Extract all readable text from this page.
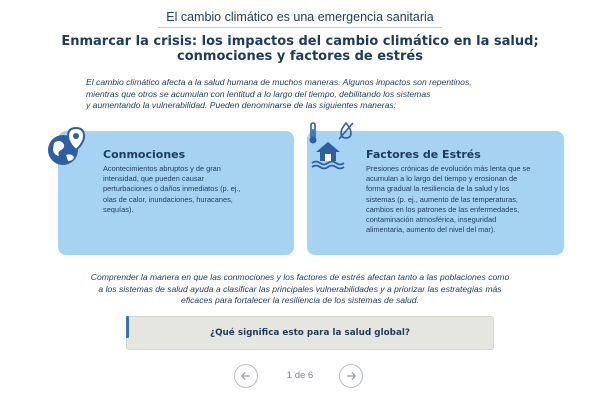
El cambio climático es una emergencia sanitaria
Enmarcar la crisis: los impactos del cambio climático en la salud;
conmociones y factores de estrés
El cambio climático afecta a la salud humana de muchos maneras. Algunos impactos son repentinos,
mientras que otros se acumulan con lentitud a lo largo del tiempo, debilitando los sistemas
y aumentando la vulnerabilidad. Pueden denominarse de las siguientes maneras:
Conmociones
Acontecimientos abruptos y de gran
intensidad, que pueden causar
perturbaciones o daños inmediatos (p. ej.,
olas de calor, inundaciones, huracanes,
sequías).
Factores de Estrés
Presiones crónicas de evolución más lenta que se
acumulan a lo largo del tiempo y erosionan de
forma gradual la resiliencia de la salud y los
sistemas (p. ej., aumento de las temperaturas,
cambios en los patrones de las enfermedades,
contaminación atmosférica, inseguridad
alimentaria, aumento del nivel del mar).
Comprender la manera en que las conmociones y los factores de estrés afectan tanto a las poblaciones como
a los sistemas de salud ayuda a clasificar las principales vulnerabilidades y a priorizar las estrategias más
eficaces para fortalecer la resiliencia de los sistemas de salud.
¿Qué significa esto para la salud global?
1 de 6
